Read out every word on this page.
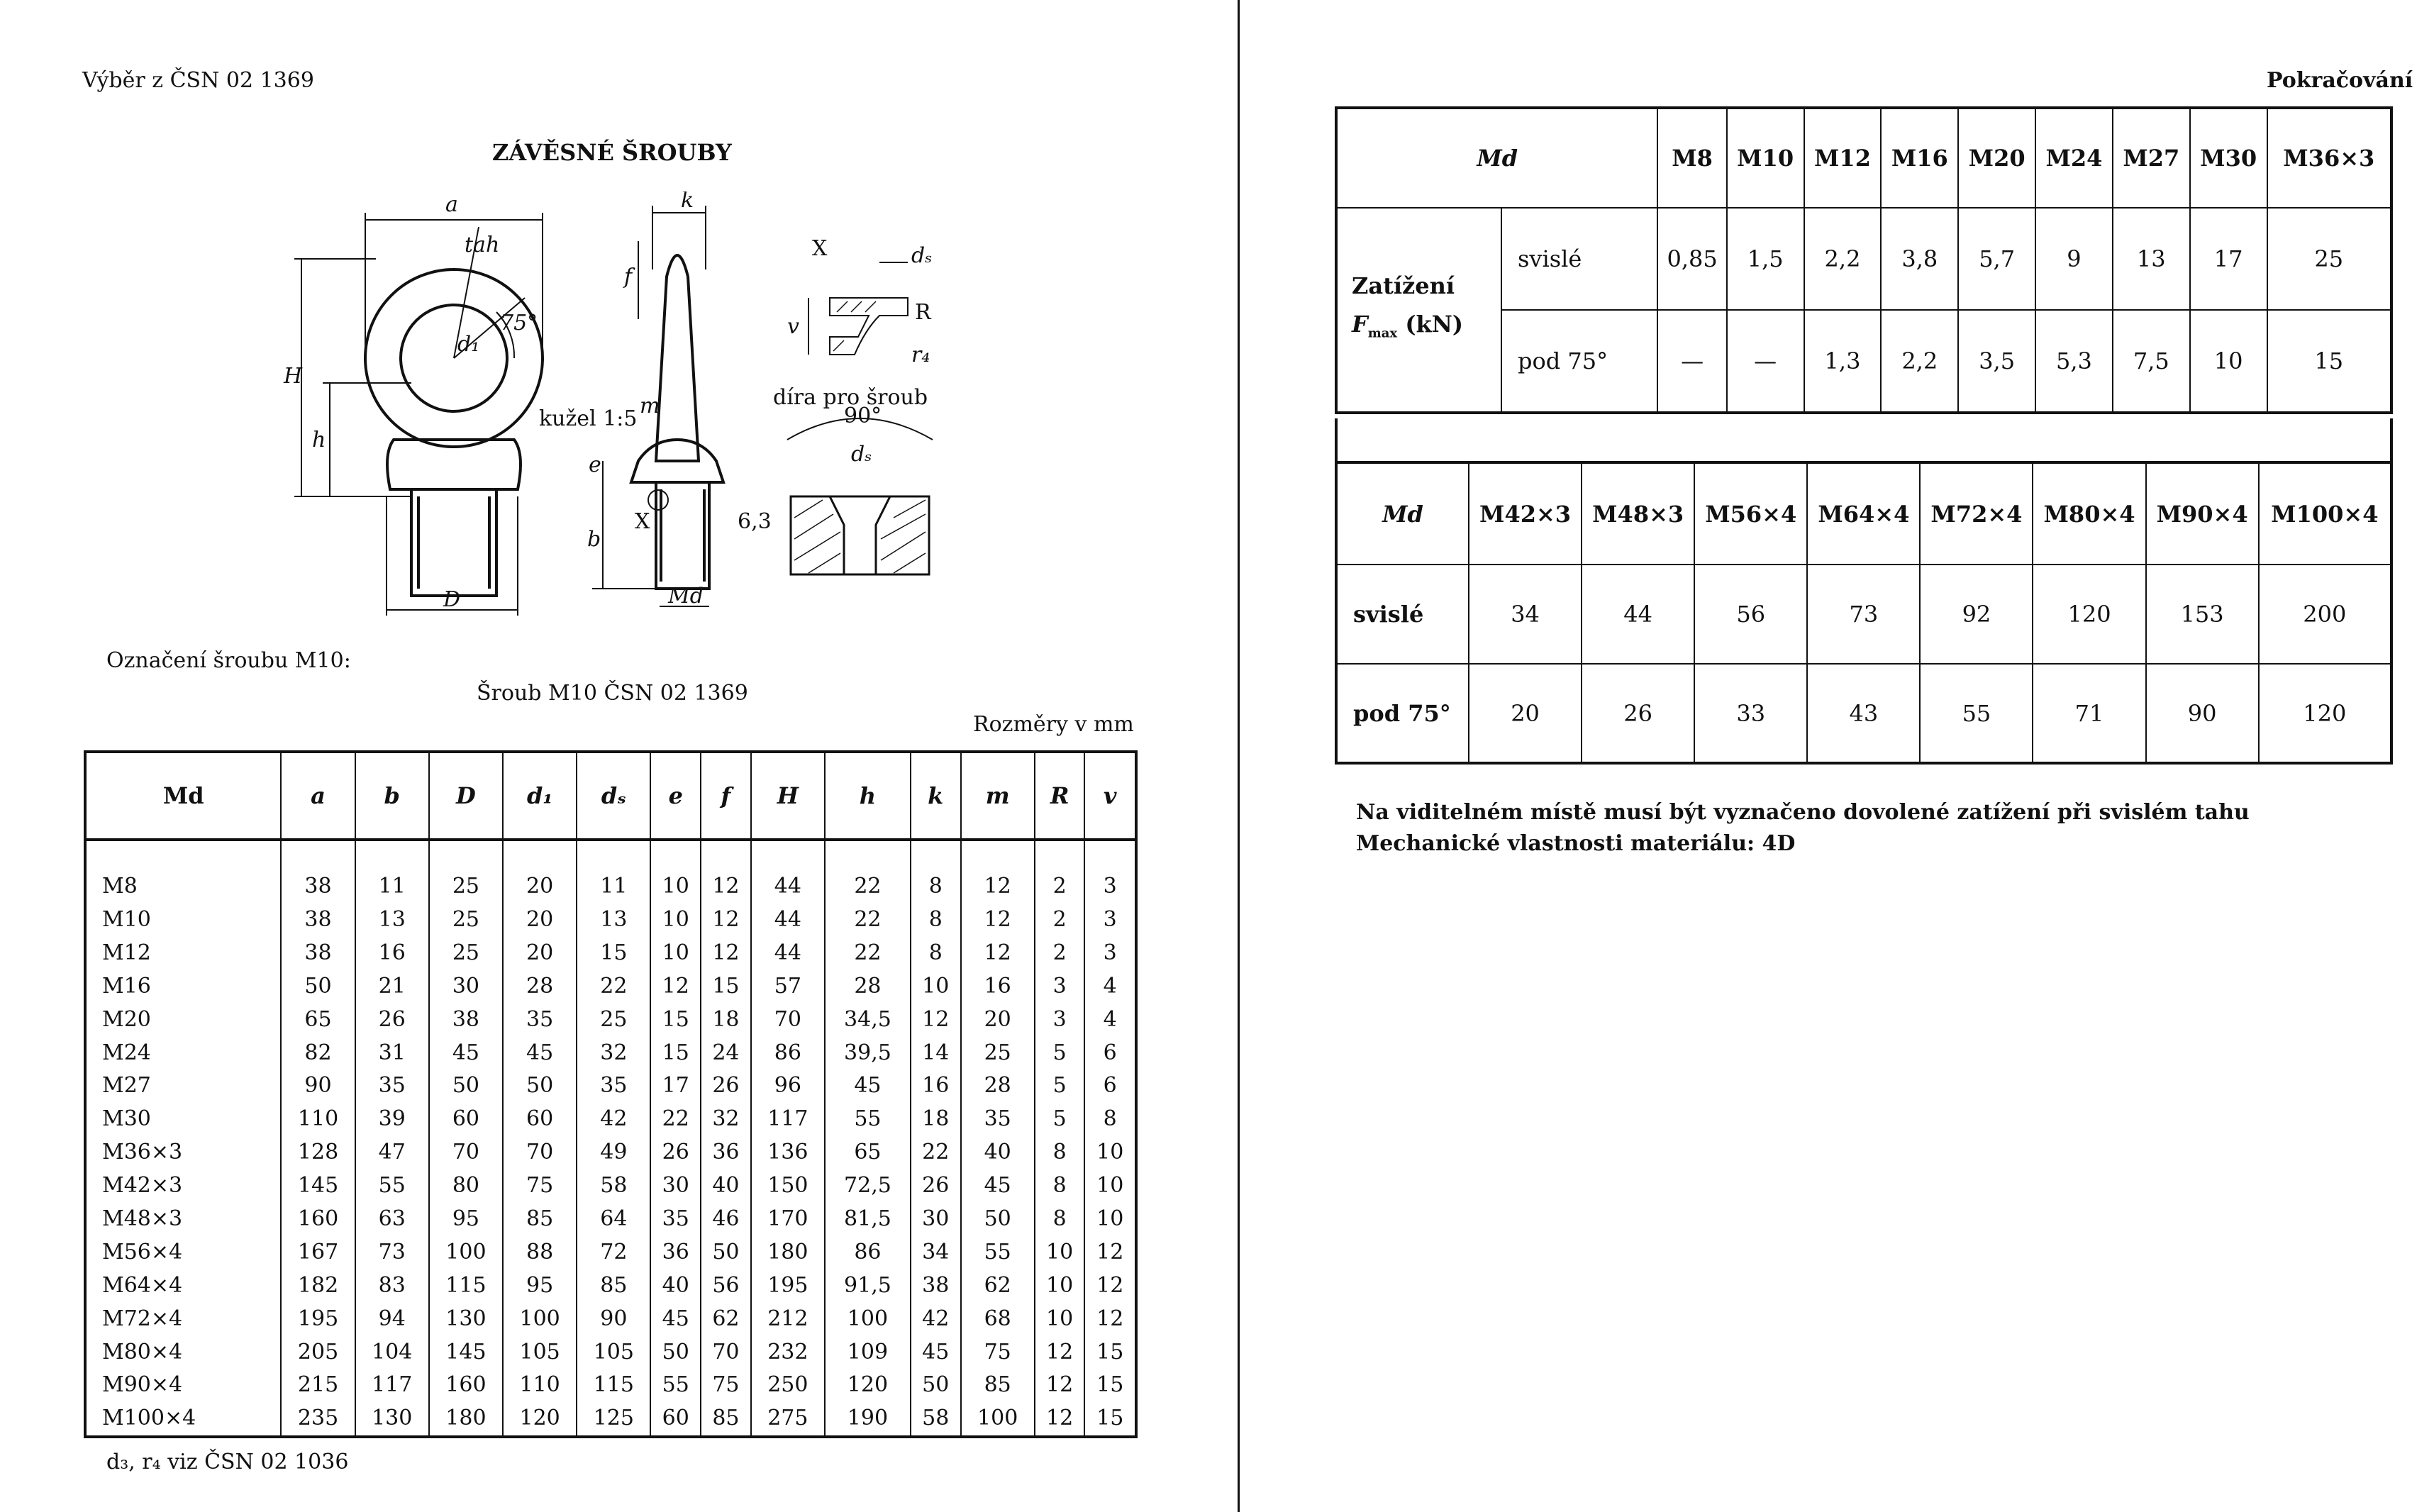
Výběr z ČSN 02 1369
ZÁVĚSNÉ ŠROUBY
a	k
H
h
f
tah
75°
d₁
kužel 1:5
m
e
b
X	6,3
D	Md
X	dₛ
R
r₄
v
díra pro šroub
90°
dₛ
Označení šroubu M10:
Šroub M10 ČSN 02 1369
Rozměry v mm
Md	a	b	D	d₁	dₛ	e	f	H	h	k	m	R	v

M8	38	11	25	20	11	10	12	44	22	8	12	2	3
M10	38	13	25	20	13	10	12	44	22	8	12	2	3
M12	38	16	25	20	15	10	12	44	22	8	12	2	3
M16	50	21	30	28	22	12	15	57	28	10	16	3	4
M20	65	26	38	35	25	15	18	70	34,5	12	20	3	4
M24	82	31	45	45	32	15	24	86	39,5	14	25	5	6
M27	90	35	50	50	35	17	26	96	45	16	28	5	6
M30	110	39	60	60	42	22	32	117	55	18	35	5	8
M36×3	128	47	70	70	49	26	36	136	65	22	40	8	10
M42×3	145	55	80	75	58	30	40	150	72,5	26	45	8	10
M48×3	160	63	95	85	64	35	46	170	81,5	30	50	8	10
M56×4	167	73	100	88	72	36	50	180	86	34	55	10	12
M64×4	182	83	115	95	85	40	56	195	91,5	38	62	10	12
M72×4	195	94	130	100	90	45	62	212	100	42	68	10	12
M80×4	205	104	145	105	105	50	70	232	109	45	75	12	15
M90×4	215	117	160	110	115	55	75	250	120	50	85	12	15
M100×4	235	130	180	120	125	60	85	275	190	58	100	12	15
d₃, r₄ viz ČSN 02 1036
Pokračování
Md		M8	M10	M12	M16	M20	M24	M27	M30	M36×3
Zatížení
$F_{max}$ (kN)	svislé	0,85	1,5	2,2	3,8	5,7	9	13	17	25
	pod 75°	—	—	1,3	2,2	3,5	5,3	7,5	10	15
Md	M42×3	M48×3	M56×4	M64×4	M72×4	M80×4	M90×4	M100×4
svislé	34	44	56	73	92	120	153	200
pod 75°	20	26	33	43	55	71	90	120
Na viditelném místě musí být vyznačeno dovolené zatížení při svislém tahu
Mechanické vlastnosti materiálu: 4D
